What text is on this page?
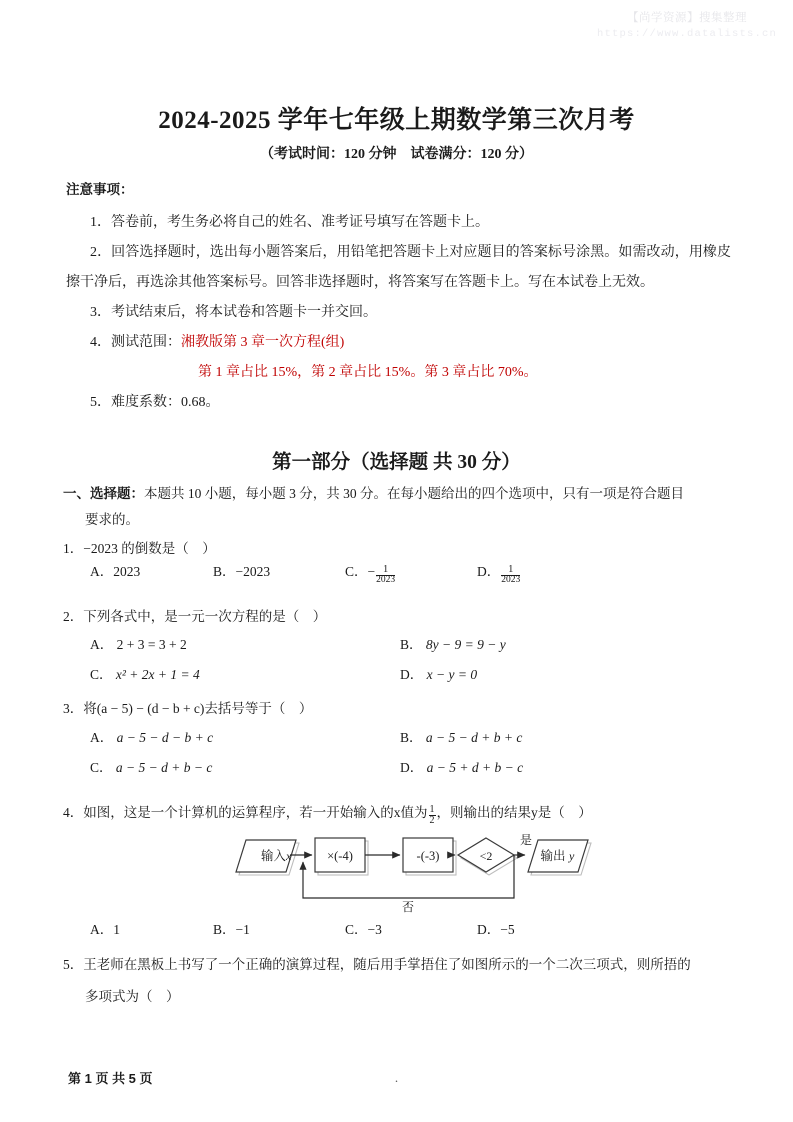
【尚学资源】搜集整理
https://www.datalists.cn
2024-2025 学年七年级上期数学第三次月考
（考试时间：120 分钟　试卷满分：120 分）
注意事项：
1．答卷前，考生务必将自己的姓名、准考证号填写在答题卡上。
2．回答选择题时，选出每小题答案后，用铅笔把答题卡上对应题目的答案标号涂黑。如需改动，用橡皮擦干净后，再选涂其他答案标号。回答非选择题时，将答案写在答题卡上。写在本试卷上无效。
3．考试结束后，将本试卷和答题卡一并交回。
4．测试范围：湘教版第 3 章一次方程(组)
第 1 章占比 15%，第 2 章占比 15%。第 3 章占比 70%。
5．难度系数：0.68。
第一部分（选择题 共 30 分）
一、选择题：本题共 10 小题，每小题 3 分，共 30 分。在每小题给出的四个选项中，只有一项是符合题目
要求的。
1．−2023 的倒数是（　 ）
A．2023	B．−2023	C．− $\frac{1}{2023}$	D． $\frac{1}{2023}$
2．下列各式中，是一元一次方程的是（　 ）
A． 2 + 3 = 3 + 2	B． 8y − 9 = 9 − y
C． x² + 2x + 1 = 4	D． x − y = 0
3．将(a − 5) − (d − b + c)去括号等于（　 ）
A． a − 5 − d − b + c	B． a − 5 − d + b + c
C． a − 5 − d + b − c	D． a − 5 + d + b − c
4．如图，这是一个计算机的运算程序，若一开始输入的x值为 $\frac{1}{2}$ ，则输出的结果y是（　 ）
输入 x	×(-4)	-(-3)	<2
是
否
输出 y
A．1	B．−1	C．−3	D．−5
5．王老师在黑板上书写了一个正确的演算过程，随后用手掌捂住了如图所示的一个二次三项式，则所捂的
多项式为（　 ）
第 1 页 共 5 页	.
